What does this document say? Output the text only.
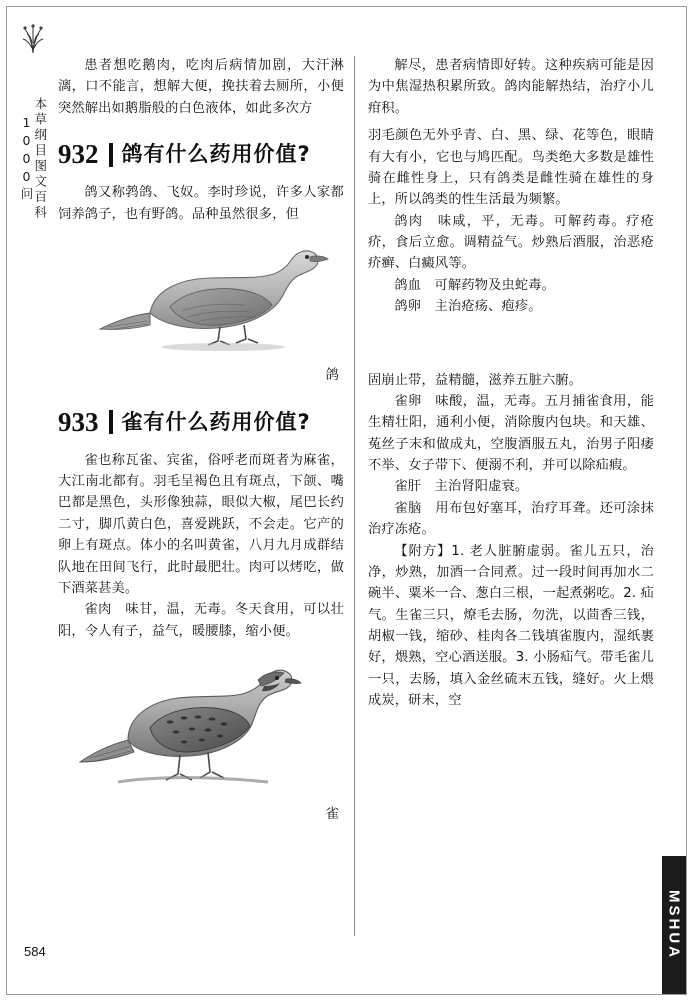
本草纲目图文百科1000问

患者想吃鹅肉，吃肉后病情加剧，大汗淋漓，口不能言，想解大便，挽扶着去厕所，小便突然解出如鹅脂般的白色液体，如此多次方

932 鸽有什么药用价值?

鸽又称鹁鸽、飞奴。李时珍说，许多人家都饲养鸽子，也有野鸽。品种虽然很多，但

鸽
933 雀有什么药用价值?

雀也称瓦雀、宾雀，俗呼老而斑者为麻雀，大江南北都有。羽毛呈褐色且有斑点，下颌、嘴巴都是黑色，头形像独蒜，眼似大椒，尾巴长约二寸，脚爪黄白色，喜爱跳跃，不会走。它产的卵上有斑点。体小的名叫黄雀，八月九月成群结队地在田间飞行，此时最肥壮。肉可以烤吃，做下酒菜甚美。

雀肉　味甘，温，无毒。冬天食用，可以壮阳，令人有子，益气，暖腰膝，缩小便。

雀

解尽，患者病情即好转。这种疾病可能是因为中焦湿热积累所致。鸽肉能解热结，治疗小儿疳积。

羽毛颜色无外乎青、白、黑、绿、花等色，眼睛有大有小，它也与鸠匹配。鸟类绝大多数是雄性骑在雌性身上，只有鸽类是雌性骑在雄性的身上，所以鸽类的性生活最为频繁。

鸽肉　味咸，平，无毒。可解药毒。疗疮疥，食后立愈。调精益气。炒熟后酒服，治恶疮疥癣、白癜风等。

鸽血　可解药物及虫蛇毒。

鸽卵　主治疮疡、疱疹。

固崩止带，益精髓，滋养五脏六腑。

雀卵　味酸，温，无毒。五月捕雀食用，能生精壮阳，通利小便，消除腹内包块。和天雄、菟丝子末和做成丸，空腹酒服五丸，治男子阳痿不举、女子带下、便溺不利，并可以除疝瘕。

雀肝　主治肾阳虚衰。

雀脑　用布包好塞耳，治疗耳聋。还可涂抹治疗冻疮。

【附方】1. 老人脏腑虚弱。雀儿五只，治净，炒熟，加酒一合同煮。过一段时间再加水二碗半、粟米一合、葱白三根，一起煮粥吃。2. 疝气。生雀三只，燎毛去肠，勿洗，以茴香三钱，胡椒一钱，缩砂、桂肉各二钱填雀腹内，湿纸裹好，煨熟，空心酒送服。3. 小肠疝气。带毛雀儿一只，去肠，填入金丝硫末五钱，缝好。火上煨成炭，研末，空

584	MSHUA
